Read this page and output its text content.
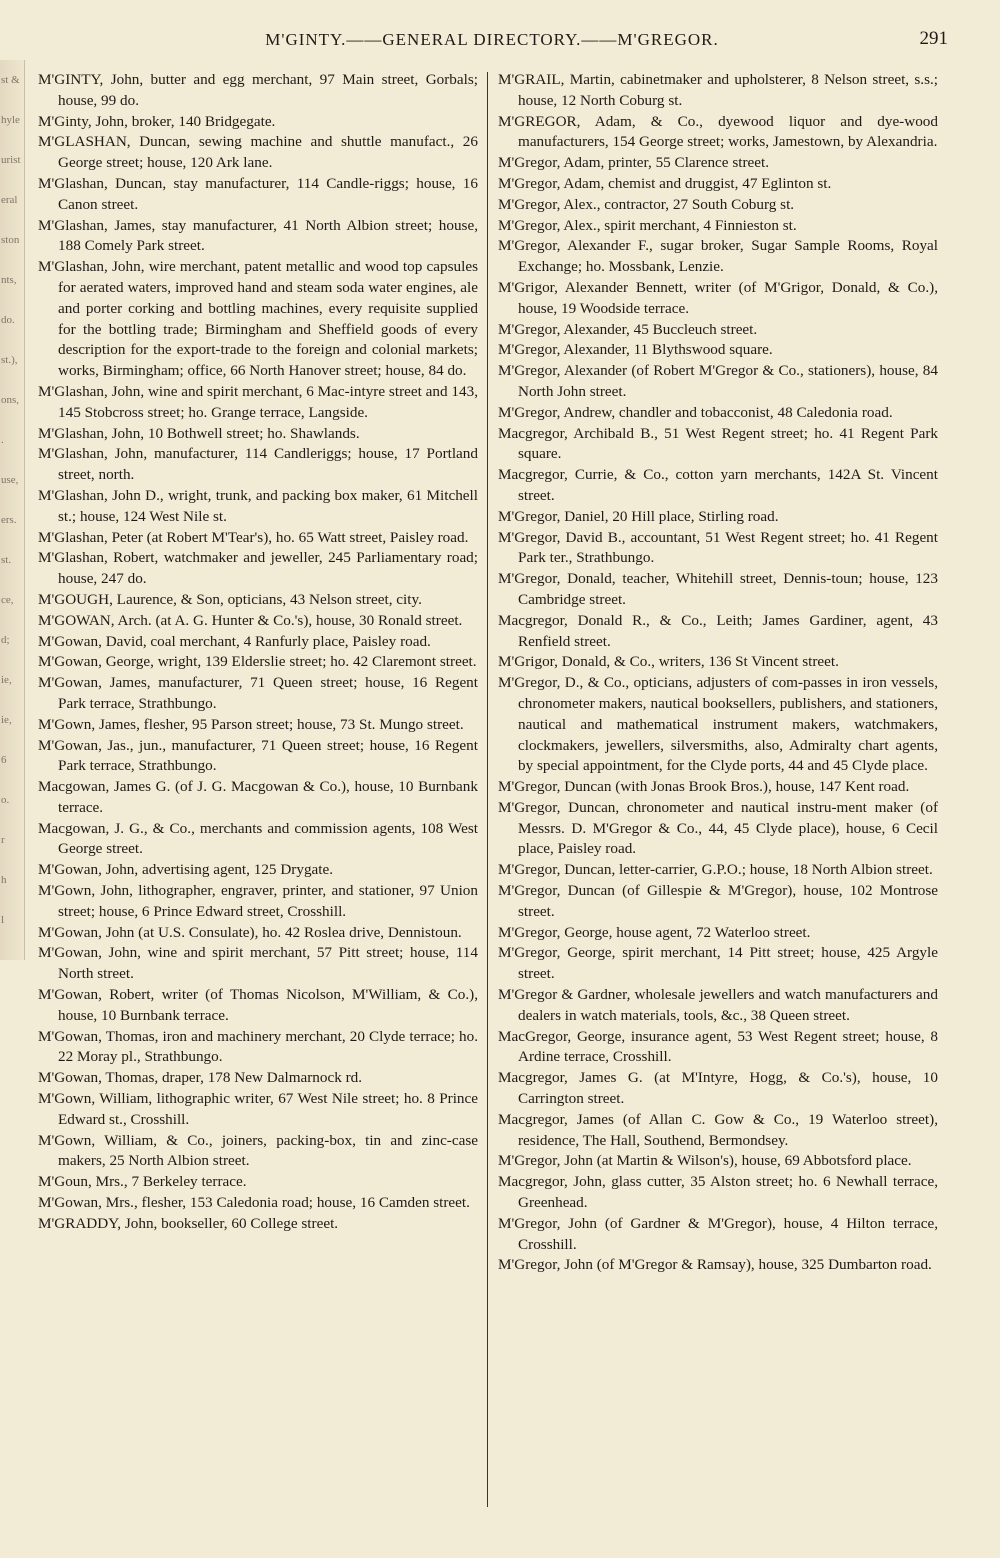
st &
hyle
urist
eral
ston
nts,
do.
st.),
ons,
.
use,
ers.
st.
ce,
d;
ie,
ie,
6
o.
r
h
l
M'GINTY.——GENERAL DIRECTORY.——M'GREGOR.	291
M'GINTY, John, butter and egg merchant, 97 Main street, Gorbals; house, 99 do.
M'Ginty, John, broker, 140 Bridgegate.
M'GLASHAN, Duncan, sewing machine and shuttle manufact., 26 George street; house, 120 Ark lane.
M'Glashan, Duncan, stay manufacturer, 114 Candle-riggs; house, 16 Canon street.
M'Glashan, James, stay manufacturer, 41 North Albion street; house, 188 Comely Park street.
M'Glashan, John, wire merchant, patent metallic and wood top capsules for aerated waters, improved hand and steam soda water engines, ale and porter corking and bottling machines, every requisite supplied for the bottling trade; Birmingham and Sheffield goods of every description for the export-trade to the foreign and colonial markets; works, Birmingham; office, 66 North Hanover street; house, 84 do.
M'Glashan, John, wine and spirit merchant, 6 Mac-intyre street and 143, 145 Stobcross street; ho. Grange terrace, Langside.
M'Glashan, John, 10 Bothwell street; ho. Shawlands.
M'Glashan, John, manufacturer, 114 Candleriggs; house, 17 Portland street, north.
M'Glashan, John D., wright, trunk, and packing box maker, 61 Mitchell st.; house, 124 West Nile st.
M'Glashan, Peter (at Robert M'Tear's), ho. 65 Watt street, Paisley road.
M'Glashan, Robert, watchmaker and jeweller, 245 Parliamentary road; house, 247 do.
M'GOUGH, Laurence, & Son, opticians, 43 Nelson street, city.
M'GOWAN, Arch. (at A. G. Hunter & Co.'s), house, 30 Ronald street.
M'Gowan, David, coal merchant, 4 Ranfurly place, Paisley road.
M'Gowan, George, wright, 139 Elderslie street; ho. 42 Claremont street.
M'Gowan, James, manufacturer, 71 Queen street; house, 16 Regent Park terrace, Strathbungo.
M'Gown, James, flesher, 95 Parson street; house, 73 St. Mungo street.
M'Gowan, Jas., jun., manufacturer, 71 Queen street; house, 16 Regent Park terrace, Strathbungo.
Macgowan, James G. (of J. G. Macgowan & Co.), house, 10 Burnbank terrace.
Macgowan, J. G., & Co., merchants and commission agents, 108 West George street.
M'Gowan, John, advertising agent, 125 Drygate.
M'Gown, John, lithographer, engraver, printer, and stationer, 97 Union street; house, 6 Prince Edward street, Crosshill.
M'Gowan, John (at U.S. Consulate), ho. 42 Roslea drive, Dennistoun.
M'Gowan, John, wine and spirit merchant, 57 Pitt street; house, 114 North street.
M'Gowan, Robert, writer (of Thomas Nicolson, M'William, & Co.), house, 10 Burnbank terrace.
M'Gowan, Thomas, iron and machinery merchant, 20 Clyde terrace; ho. 22 Moray pl., Strathbungo.
M'Gowan, Thomas, draper, 178 New Dalmarnock rd.
M'Gown, William, lithographic writer, 67 West Nile street; ho. 8 Prince Edward st., Crosshill.
M'Gown, William, & Co., joiners, packing-box, tin and zinc-case makers, 25 North Albion street.
M'Goun, Mrs., 7 Berkeley terrace.
M'Gowan, Mrs., flesher, 153 Caledonia road; house, 16 Camden street.
M'GRADDY, John, bookseller, 60 College street.
M'GRAIL, Martin, cabinetmaker and upholsterer, 8 Nelson street, s.s.; house, 12 North Coburg st.
M'GREGOR, Adam, & Co., dyewood liquor and dye-wood manufacturers, 154 George street; works, Jamestown, by Alexandria.
M'Gregor, Adam, printer, 55 Clarence street.
M'Gregor, Adam, chemist and druggist, 47 Eglinton st.
M'Gregor, Alex., contractor, 27 South Coburg st.
M'Gregor, Alex., spirit merchant, 4 Finnieston st.
M'Gregor, Alexander F., sugar broker, Sugar Sample Rooms, Royal Exchange; ho. Mossbank, Lenzie.
M'Grigor, Alexander Bennett, writer (of M'Grigor, Donald, & Co.), house, 19 Woodside terrace.
M'Gregor, Alexander, 45 Buccleuch street.
M'Gregor, Alexander, 11 Blythswood square.
M'Gregor, Alexander (of Robert M'Gregor & Co., stationers), house, 84 North John street.
M'Gregor, Andrew, chandler and tobacconist, 48 Caledonia road.
Macgregor, Archibald B., 51 West Regent street; ho. 41 Regent Park square.
Macgregor, Currie, & Co., cotton yarn merchants, 142A St. Vincent street.
M'Gregor, Daniel, 20 Hill place, Stirling road.
M'Gregor, David B., accountant, 51 West Regent street; ho. 41 Regent Park ter., Strathbungo.
M'Gregor, Donald, teacher, Whitehill street, Dennis-toun; house, 123 Cambridge street.
Macgregor, Donald R., & Co., Leith; James Gardiner, agent, 43 Renfield street.
M'Grigor, Donald, & Co., writers, 136 St Vincent street.
M'Gregor, D., & Co., opticians, adjusters of com-passes in iron vessels, chronometer makers, nautical booksellers, publishers, and stationers, nautical and mathematical instrument makers, watchmakers, clockmakers, jewellers, silversmiths, also, Admiralty chart agents, by special appointment, for the Clyde ports, 44 and 45 Clyde place.
M'Gregor, Duncan (with Jonas Brook Bros.), house, 147 Kent road.
M'Gregor, Duncan, chronometer and nautical instru-ment maker (of Messrs. D. M'Gregor & Co., 44, 45 Clyde place), house, 6 Cecil place, Paisley road.
M'Gregor, Duncan, letter-carrier, G.P.O.; house, 18 North Albion street.
M'Gregor, Duncan (of Gillespie & M'Gregor), house, 102 Montrose street.
M'Gregor, George, house agent, 72 Waterloo street.
M'Gregor, George, spirit merchant, 14 Pitt street; house, 425 Argyle street.
M'Gregor & Gardner, wholesale jewellers and watch manufacturers and dealers in watch materials, tools, &c., 38 Queen street.
MacGregor, George, insurance agent, 53 West Regent street; house, 8 Ardine terrace, Crosshill.
Macgregor, James G. (at M'Intyre, Hogg, & Co.'s), house, 10 Carrington street.
Macgregor, James (of Allan C. Gow & Co., 19 Waterloo street), residence, The Hall, Southend, Bermondsey.
M'Gregor, John (at Martin & Wilson's), house, 69 Abbotsford place.
Macgregor, John, glass cutter, 35 Alston street; ho. 6 Newhall terrace, Greenhead.
M'Gregor, John (of Gardner & M'Gregor), house, 4 Hilton terrace, Crosshill.
M'Gregor, John (of M'Gregor & Ramsay), house, 325 Dumbarton road.
